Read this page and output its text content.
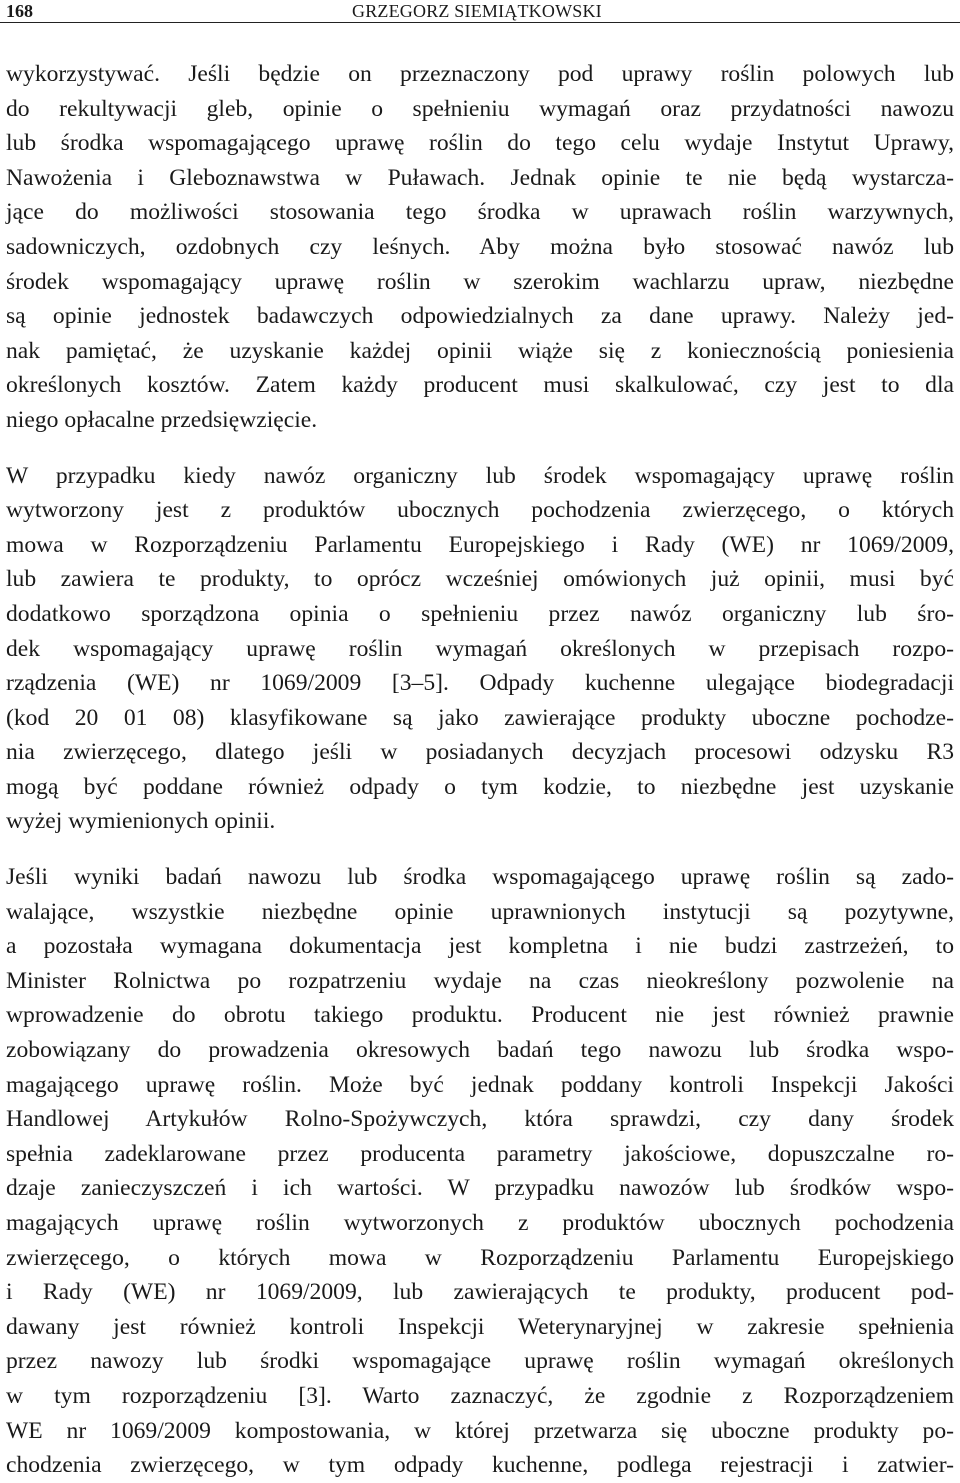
168	GRZEGORZ SIEMIĄTKOWSKI

wykorzystywać. Jeśli będzie on przeznaczony pod uprawy roślin polowych lub

do rekultywacji gleb, opinie o spełnieniu wymagań oraz przydatności nawozu

lub środka wspomagającego uprawę roślin do tego celu wydaje Instytut Uprawy,

Nawożenia i Gleboznawstwa w Puławach. Jednak opinie te nie będą wystarcza-

jące do możliwości stosowania tego środka w uprawach roślin warzywnych,

sadowniczych, ozdobnych czy leśnych. Aby można było stosować nawóz lub

środek wspomagający uprawę roślin w szerokim wachlarzu upraw, niezbędne

są opinie jednostek badawczych odpowiedzialnych za dane uprawy. Należy jed-

nak pamiętać, że uzyskanie każdej opinii wiąże się z koniecznością poniesienia

określonych kosztów. Zatem każdy producent musi skalkulować, czy jest to dla

niego opłacalne przedsięwzięcie.

W przypadku kiedy nawóz organiczny lub środek wspomagający uprawę roślin

wytworzony jest z produktów ubocznych pochodzenia zwierzęcego, o których

mowa w Rozporządzeniu Parlamentu Europejskiego i Rady (WE) nr 1069/2009,

lub zawiera te produkty, to oprócz wcześniej omówionych już opinii, musi być

dodatkowo sporządzona opinia o spełnieniu przez nawóz organiczny lub śro-

dek wspomagający uprawę roślin wymagań określonych w przepisach rozpo-

rządzenia (WE) nr 1069/2009 [3–5]. Odpady kuchenne ulegające biodegradacji

(kod 20 01 08) klasyfikowane są jako zawierające produkty uboczne pochodze-

nia zwierzęcego, dlatego jeśli w posiadanych decyzjach procesowi odzysku R3

mogą być poddane również odpady o tym kodzie, to niezbędne jest uzyskanie

wyżej wymienionych opinii.

Jeśli wyniki badań nawozu lub środka wspomagającego uprawę roślin są zado-

walające, wszystkie niezbędne opinie uprawnionych instytucji są pozytywne,

a pozostała wymagana dokumentacja jest kompletna i nie budzi zastrzeżeń, to

Minister Rolnictwa po rozpatrzeniu wydaje na czas nieokreślony pozwolenie na

wprowadzenie do obrotu takiego produktu. Producent nie jest również prawnie

zobowiązany do prowadzenia okresowych badań tego nawozu lub środka wspo-

magającego uprawę roślin. Może być jednak poddany kontroli Inspekcji Jakości

Handlowej Artykułów Rolno-Spożywczych, która sprawdzi, czy dany środek

spełnia zadeklarowane przez producenta parametry jakościowe, dopuszczalne ro-

dzaje zanieczyszczeń i ich wartości. W przypadku nawozów lub środków wspo-

magających uprawę roślin wytworzonych z produktów ubocznych pochodzenia

zwierzęcego, o których mowa w Rozporządzeniu Parlamentu Europejskiego

i Rady (WE) nr 1069/2009, lub zawierających te produkty, producent pod-

dawany jest również kontroli Inspekcji Weterynaryjnej w zakresie spełnienia

przez nawozy lub środki wspomagające uprawę roślin wymagań określonych

w tym rozporządzeniu [3]. Warto zaznaczyć, że zgodnie z Rozporządzeniem

WE nr 1069/2009 kompostowania, w której przetwarza się uboczne produkty po-

chodzenia zwierzęcego, w tym odpady kuchenne, podlega rejestracji i zatwier-
